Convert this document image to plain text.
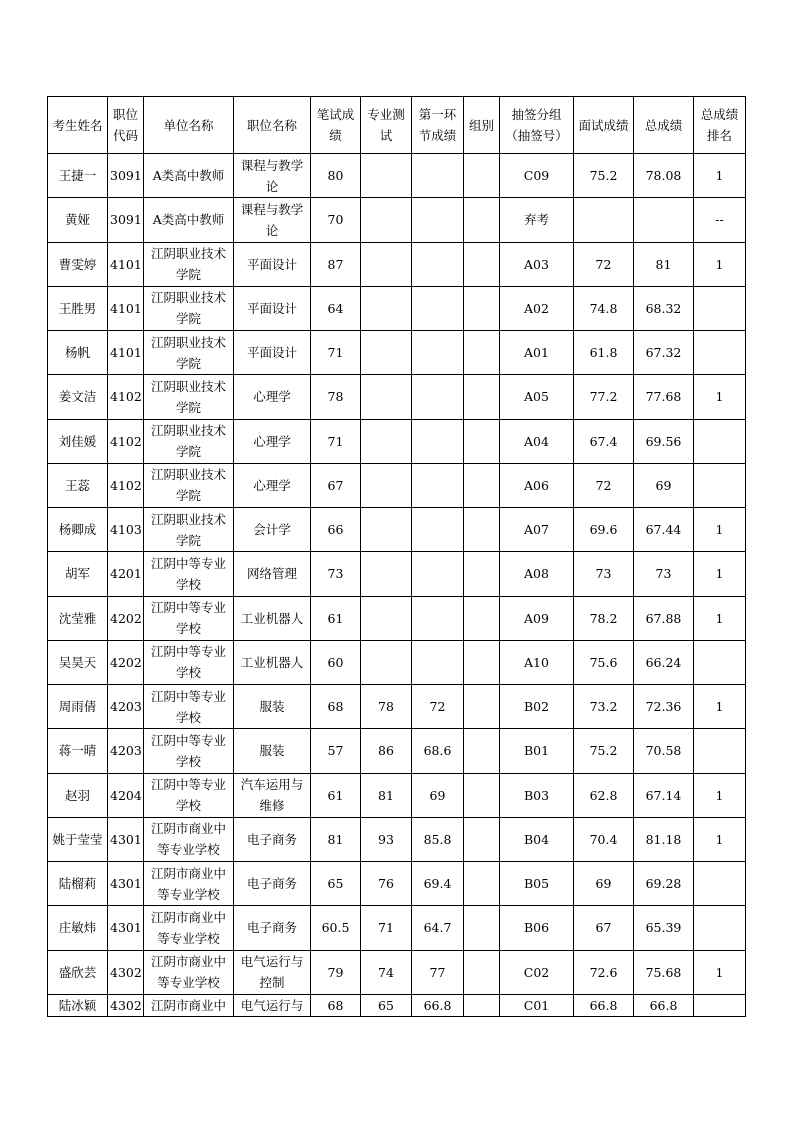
考生姓名	职位代码	单位名称	职位名称	笔试成绩	专业测试	第一环节成绩	组别	抽签分组（抽签号）	面试成绩	总成绩	总成绩排名
王捷一	3091	A类高中教师	课程与教学论	80				C09	75.2	78.08	1
黄娅	3091	A类高中教师	课程与教学论	70				弃考			--
曹雯婷	4101	江阴职业技术学院	平面设计	87				A03	72	81	1
王胜男	4101	江阴职业技术学院	平面设计	64				A02	74.8	68.32	
杨帆	4101	江阴职业技术学院	平面设计	71				A01	61.8	67.32	
姜文洁	4102	江阴职业技术学院	心理学	78				A05	77.2	77.68	1
刘佳媛	4102	江阴职业技术学院	心理学	71				A04	67.4	69.56	
王蕊	4102	江阴职业技术学院	心理学	67				A06	72	69	
杨卿成	4103	江阴职业技术学院	会计学	66				A07	69.6	67.44	1
胡军	4201	江阴中等专业学校	网络管理	73				A08	73	73	1
沈莹雅	4202	江阴中等专业学校	工业机器人	61				A09	78.2	67.88	1
吴昊天	4202	江阴中等专业学校	工业机器人	60				A10	75.6	66.24	
周雨倩	4203	江阴中等专业学校	服装	68	78	72		B02	73.2	72.36	1
蒋一晴	4203	江阴中等专业学校	服装	57	86	68.6		B01	75.2	70.58	
赵羽	4204	江阴中等专业学校	汽车运用与维修	61	81	69		B03	62.8	67.14	1
姚于莹莹	4301	江阴市商业中等专业学校	电子商务	81	93	85.8		B04	70.4	81.18	1
陆榴莉	4301	江阴市商业中等专业学校	电子商务	65	76	69.4		B05	69	69.28	
庄敏炜	4301	江阴市商业中等专业学校	电子商务	60.5	71	64.7		B06	67	65.39	
盛欣芸	4302	江阴市商业中等专业学校	电气运行与控制	79	74	77		C02	72.6	75.68	1
陆冰颖	4302	江阴市商业中	电气运行与	68	65	66.8		C01	66.8	66.8	
